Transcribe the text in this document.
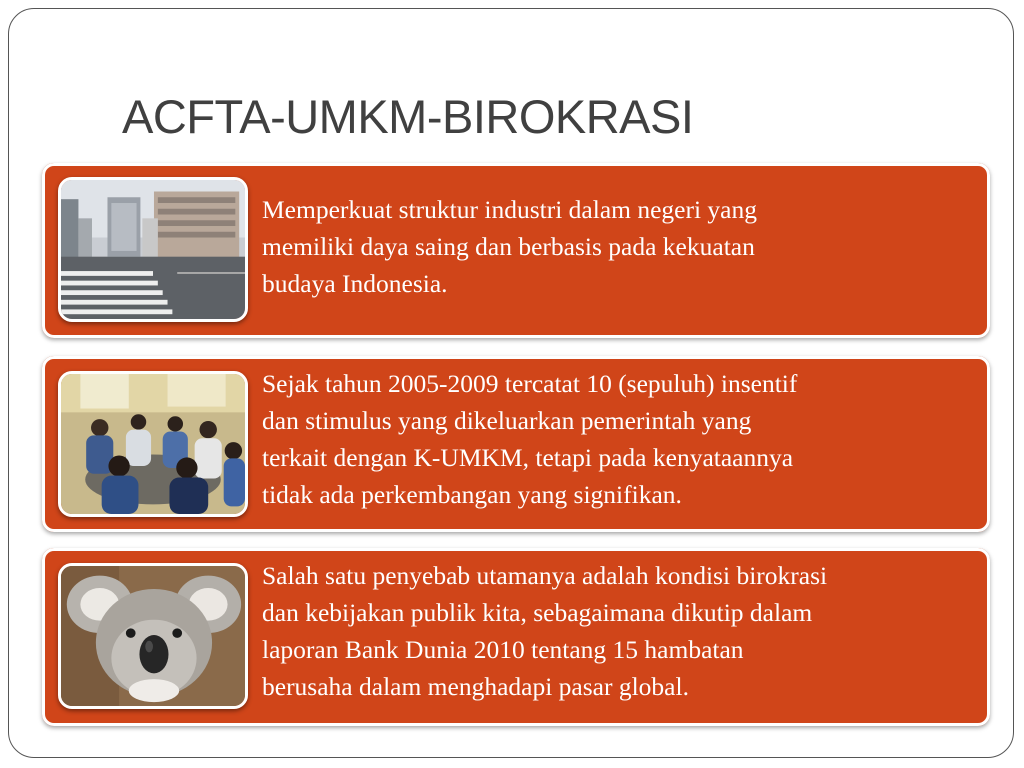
ACFTA-UMKM-BIROKRASI
Memperkuat struktur industri dalam negeri yang
memiliki daya saing dan berbasis pada kekuatan
budaya Indonesia.
Sejak tahun 2005-2009 tercatat 10 (sepuluh) insentif
dan stimulus yang dikeluarkan pemerintah yang
terkait dengan K-UMKM, tetapi pada kenyataannya
tidak ada perkembangan yang signifikan.
Salah satu penyebab utamanya adalah kondisi birokrasi
dan kebijakan publik kita, sebagaimana dikutip dalam
laporan Bank Dunia 2010 tentang 15 hambatan
berusaha dalam menghadapi pasar global.
